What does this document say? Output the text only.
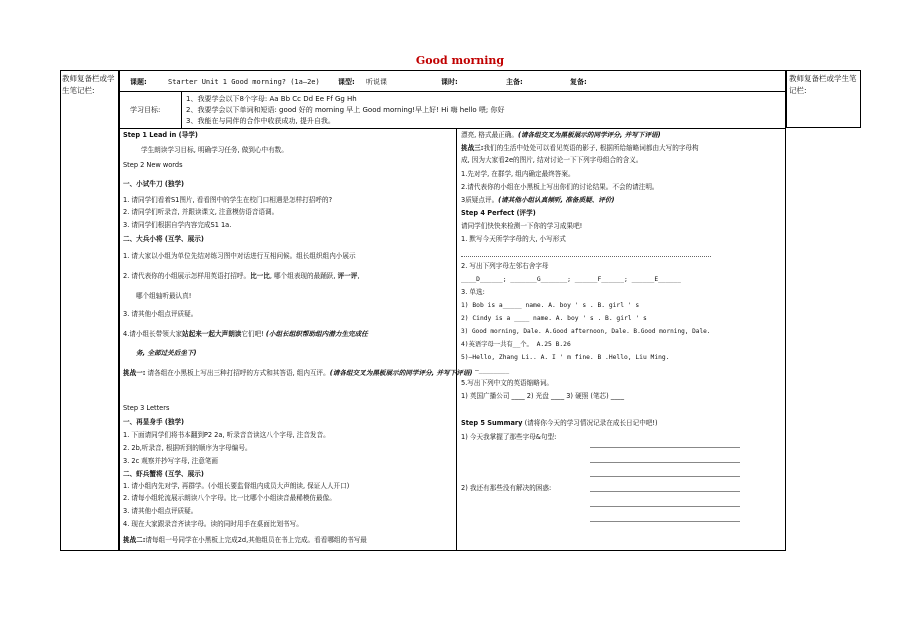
Good morning
教师复备栏或学生笔记栏:
教师复备栏或学生笔记栏:
课题:	Starter Unit 1 Good morning? (1a—2e)	课型: 听说课	课时:	主备:	复备:
学习目标:
1、我要学会以下8个字母: Aa Bb Cc Dd Ee Ff Gg Hh
2、我要学会以下单词和短语: good 好的 morning 早上 Good morning!早上好! Hi 嗨 hello 喂; 你好
3、我能在与同伴的合作中收获成功, 提升自我。
Step 1 Lead in (导学)
学生朗读学习目标, 明确学习任务, 做到心中有数。
Step 2 New words
一、小试牛刀 (独学)
1. 请同学们看着S1图片, 看看图中的学生在校门口相遇是怎样打招呼的?
2. 请同学们听录音, 并跟读课文, 注意模仿语音语调。
3. 请同学们根据自学内容完成S1 1a.
二、大兵小将 (互学、展示)
1. 请大家以小组为单位先结对练习图中对话进行互相问候。组长组织组内小展示
2. 请代表你的小组展示怎样用英语打招呼。比一比, 哪个组表现的最踊跃, 评一评,
哪个组轴听最认真!
3. 请其他小组点评质疑。
4.请小组长带领大家站起来一起大声朗读它们吧! (小组长组织帮助组内潜力生完成任
务, 全部过关后坐下)
挑战一: 请各组在小黑板上写出三种打招呼的方式和其答语, 组内互评。(请各组交叉为黑板展示的同学评分, 并写下评语)
Step 3 Letters
一、再显身手 (独学)
1. 下面请同学们将书本翻到P2 2a, 听录音音读这八个字母, 注音发音。
2. 2b,听录音, 根据听到的顺序为字母编号。
3. 2c 观察并抄写字母, 注意笔画
二、虾兵蟹将 (互学、展示)
1. 请小组内先对学, 再群学。(小组长要监督组内成员大声朗读, 保证人人开口)
2. 请每小组轮流展示朗读八个字母。比一比哪个小组读音最稀模仿最像。
3. 请其他小组点评质疑。
4. 现在大家跟录音齐读字母。读的同时用手在桌面比划书写。
挑战二:请每组一号同学在小黑板上完成2d,其他组员在书上完成。看看哪组的书写最
漂亮, 格式最正确。(请各组交叉为黑板展示的同学评分, 并写下评语)
挑战三:我们的生活中处处可以看见英语的影子, 根据所给缩略词都由大写的字母构
成, 因为大家看2e的图片, 结对讨论一下下列字母组合的含义。
1.先对学, 在群学, 组内确定最终答案。
2.请代表你的小组在小黑板上写出你们的讨论结果。不会的请注明。
3质疑点评。(请其他小组认真倾听, 准备质疑、评价)
Step 4 Perfect (评学)
请同学们快快来检测一下你的学习成果吧!
1. 默写今天所学字母的大, 小写形式
2. 写出下列字母左邻右舍字母
____D______; _______G_______; ______F______; ______E______
3. 单选:
1) Bob is a_____ name. A. boy ' s . B. girl ' s
2) Cindy is a ____ name. A. boy ' s . B. girl ' s
3) Good morning, Dale. A.Good afternoon, Dale. B.Good morning, Dale.
4)英语字母一共有__个。 A.25 B.26
5)—Hello, Zhang Li.. A. I ' m fine. B .Hello, Liu Ming.
—________
5.写出下列中文的英语缩略词。
1) 英国广播公司 ____ 2) 光盘 ____ 3) 硬照 (笔芯) ____
Step 5 Summary (请将你今天的学习情况记录在成长日记中吧!)
1) 今天我掌握了那些字母&句型:
2) 我还有那些没有解决的困惑:
